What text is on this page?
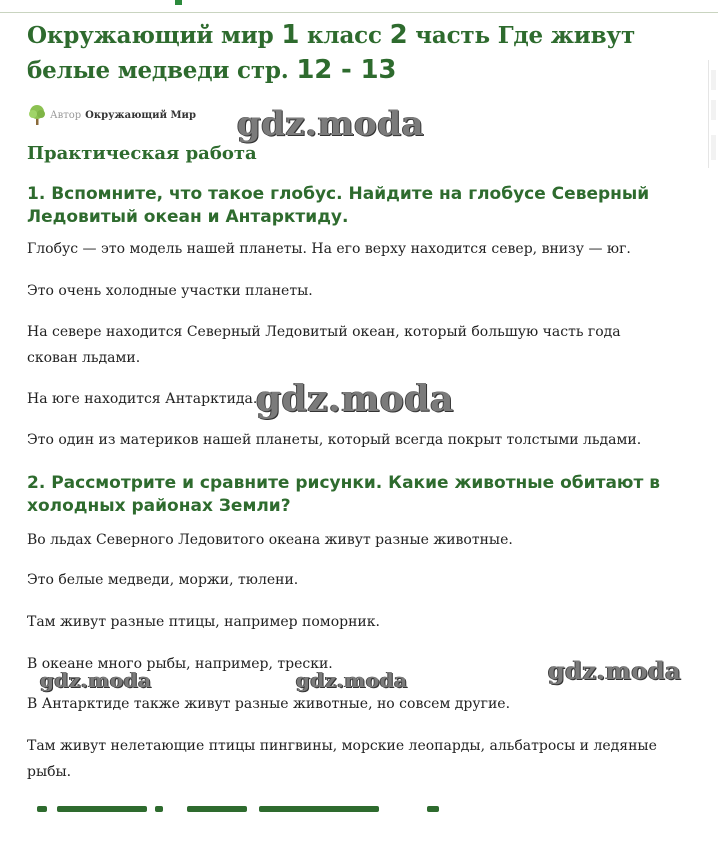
Окружающий мир 1 класс 2 часть Где живут белые медведи стр. 12 - 13
Автор Окружающий Мир
Практическая работа
1. Вспомните, что такое глобус. Найдите на глобусе Северный Ледовитый океан и Антарктиду.
Глобус — это модель нашей планеты. На его верху находится север, внизу — юг.
Это очень холодные участки планеты.
На севере находится Северный Ледовитый океан, который большую часть года скован льдами.
На юге находится Антарктида.
Это один из материков нашей планеты, который всегда покрыт толстыми льдами.
2. Рассмотрите и сравните рисунки. Какие животные обитают в холодных районах Земли?
Во льдах Северного Ледовитого океана живут разные животные.
Это белые медведи, моржи, тюлени.
Там живут разные птицы, например поморник.
В океане много рыбы, например, трески.
В Антарктиде также живут разные животные, но совсем другие.
Там живут нелетающие птицы пингвины, морские леопарды, альбатросы и ледяные рыбы.
gdz.moda
gdz.moda
gdz.moda
gdz.moda	gdz.moda
